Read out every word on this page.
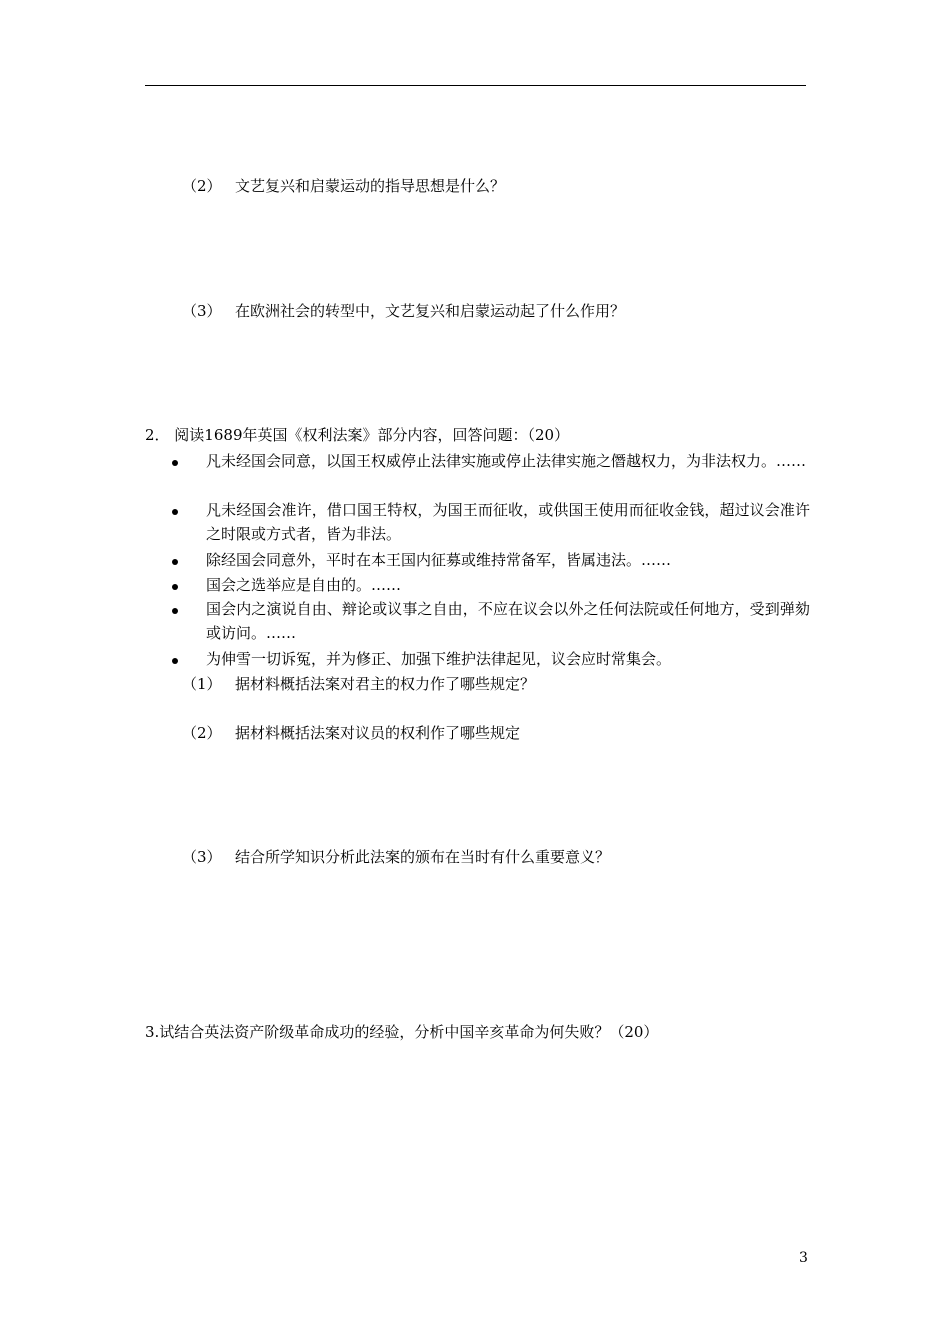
（2） 文艺复兴和启蒙运动的指导思想是什么？
（3） 在欧洲社会的转型中，文艺复兴和启蒙运动起了什么作用？
2． 阅读1689年英国《权利法案》部分内容，回答问题：（20）
凡未经国会同意，以国王权威停止法律实施或停止法律实施之僭越权力，为非法权力。……
凡未经国会准许，借口国王特权，为国王而征收，或供国王使用而征收金钱，超过议会准许之时限或方式者，皆为非法。
除经国会同意外，平时在本王国内征募或维持常备军，皆属违法。……
国会之选举应是自由的。……
国会内之演说自由、辩论或议事之自由，不应在议会以外之任何法院或任何地方，受到弹劾或访问。……
为伸雪一切诉冤，并为修正、加强下维护法律起见，议会应时常集会。
（1） 据材料概括法案对君主的权力作了哪些规定？
（2） 据材料概括法案对议员的权利作了哪些规定
（3） 结合所学知识分析此法案的颁布在当时有什么重要意义？
3.试结合英法资产阶级革命成功的经验，分析中国辛亥革命为何失败？（20）
3
